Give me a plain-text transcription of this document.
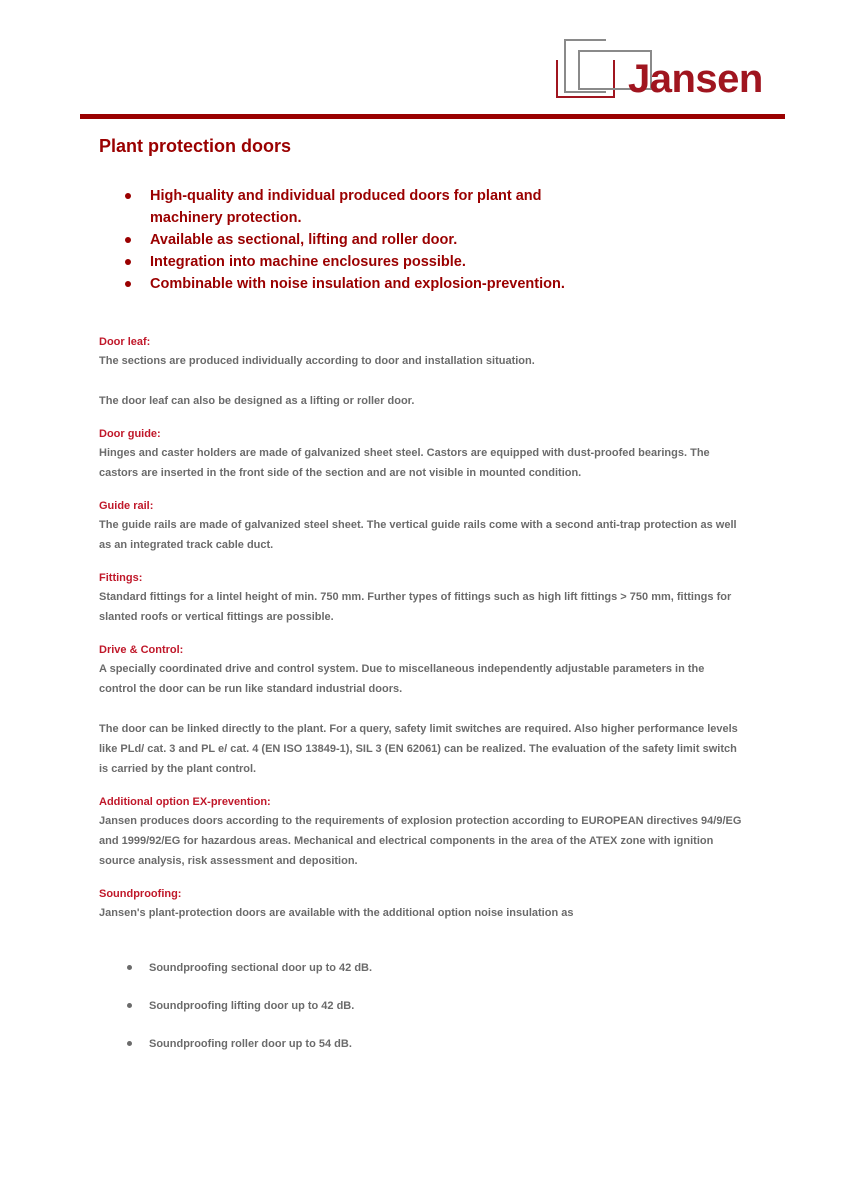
Jansen
Plant protection doors
High-quality and individual produced doors for plant and machinery protection.
Available as sectional, lifting and roller door.
Integration into machine enclosures possible.
Combinable with noise insulation and explosion-prevention.
Door leaf:

The sections are produced individually according to door and installation situation.

The door leaf can also be designed as a lifting or roller door.

Door guide:

Hinges and caster holders are made of galvanized sheet steel. Castors are equipped with dust-proofed bearings. The castors are inserted in the front side of the section and are not visible in mounted condition.

Guide rail:

The guide rails are made of galvanized steel sheet. The vertical guide rails come with a second anti-trap protection as well as an integrated track cable duct.

Fittings:

Standard fittings for a lintel height of min. 750 mm. Further types of fittings such as high lift fittings > 750 mm, fittings for slanted roofs or vertical fittings are possible.

Drive & Control:

A specially coordinated drive and control system. Due to miscellaneous independently adjustable parameters in the control the door can be run like standard industrial doors.

The door can be linked directly to the plant. For a query, safety limit switches are required. Also higher performance levels like PLd/ cat. 3 and PL e/ cat. 4 (EN ISO 13849-1), SIL 3 (EN 62061) can be realized. The evaluation of the safety limit switch is carried by the plant control.

Additional option EX-prevention:

Jansen produces doors according to the requirements of explosion protection according to EUROPEAN directives 94/9/EG and 1999/92/EG for hazardous areas. Mechanical and electrical components in the area of the ATEX zone with ignition source analysis, risk assessment and deposition.

Soundproofing:

Jansen's plant-protection doors are available with the additional option noise insulation as

Soundproofing sectional door up to 42 dB.
Soundproofing lifting door up to 42 dB.
Soundproofing roller door up to 54 dB.
